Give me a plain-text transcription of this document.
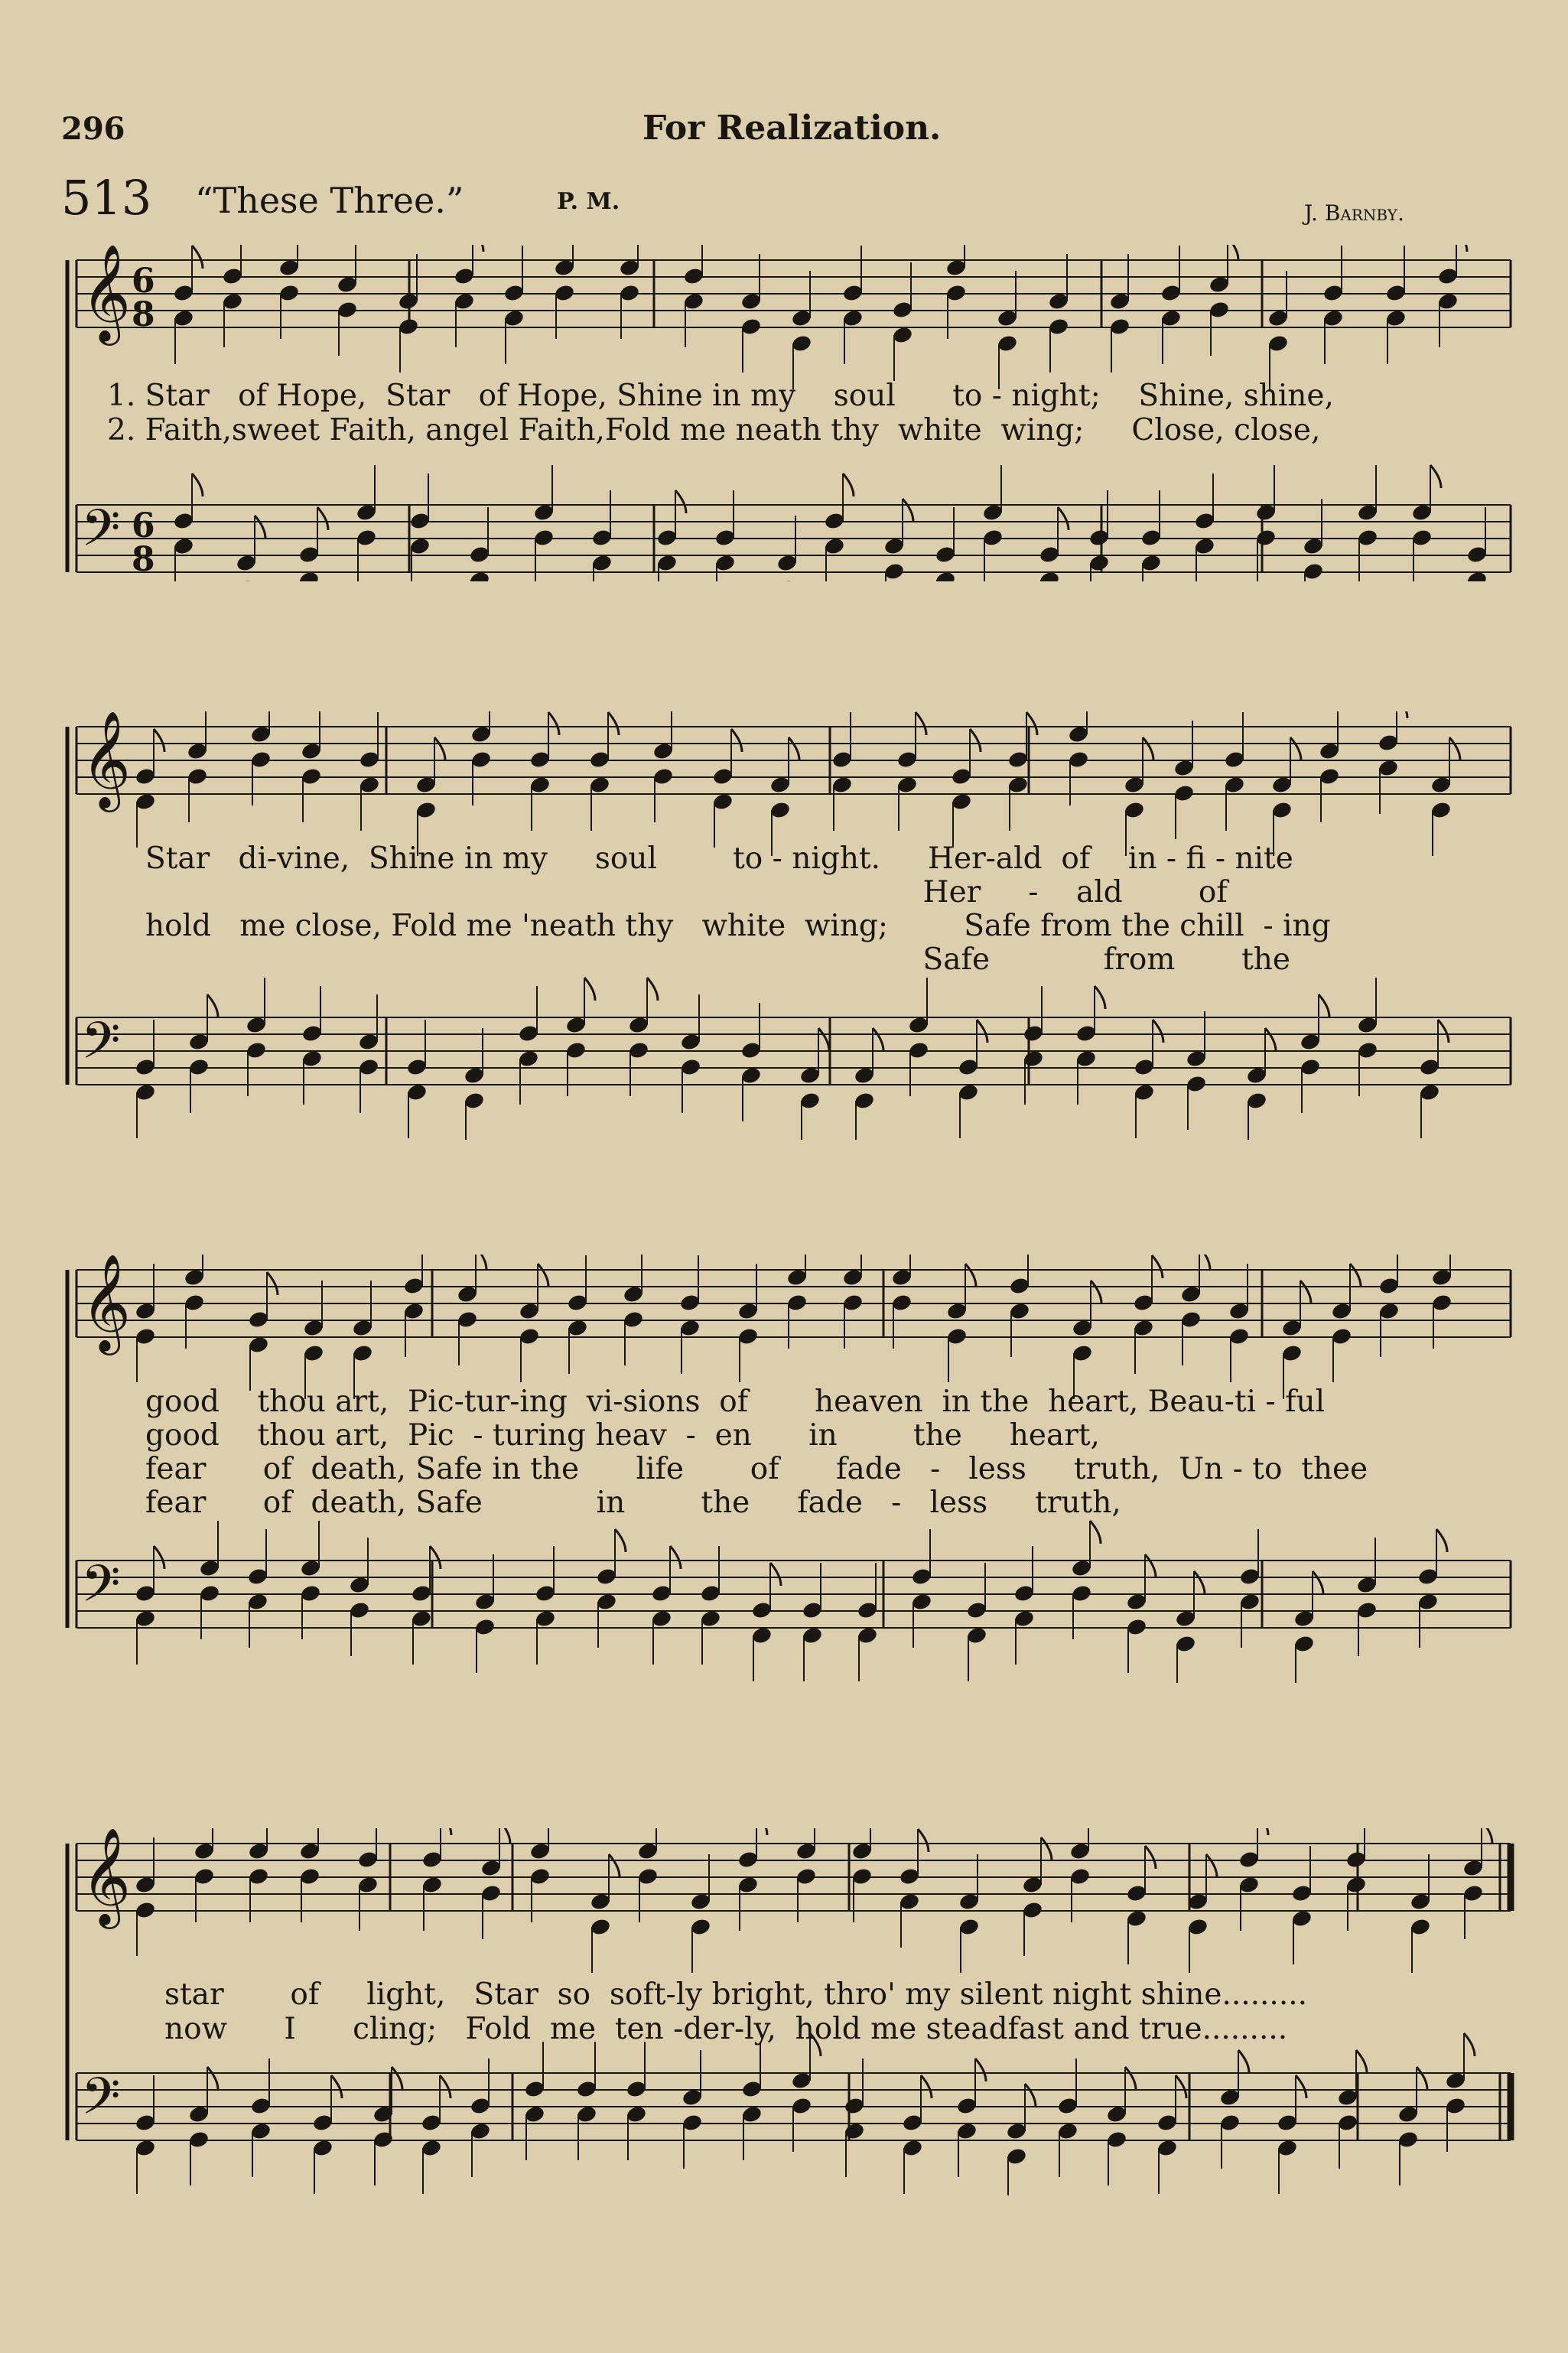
296	For Realization.
513 “These Three.”	P. M.	J. Barnby.
𝄞 6
8
𝄢 6
8
1. Star   of Hope,  Star   of Hope, Shine in my    soul      to - night;    Shine, shine,
2. Faith,sweet Faith, angel Faith,Fold me neath thy  white  wing;     Close, close,
𝄞
𝄢
Star   di-vine,  Shine in my     soul        to - night.     Her-ald  of    in - fi - nite
Her     -    ald        of
hold   me close, Fold me 'neath thy   white  wing;        Safe from the chill  - ing
Safe            from       the
𝄞
𝄢
good    thou art,  Pic-tur-ing  vi-sions  of       heaven  in the  heart, Beau-ti - ful
good    thou art,  Pic  - turing heav  -  en      in        the     heart,
fear      of  death, Safe in the      life       of      fade   -   less     truth,  Un - to  thee
fear      of  death, Safe            in        the     fade   -   less     truth,
𝄞
𝄢
star       of     light,   Star  so  soft-ly bright, thro' my silent night shine.........
now      I      cling;   Fold  me  ten -der-ly,  hold me steadfast and true.........
